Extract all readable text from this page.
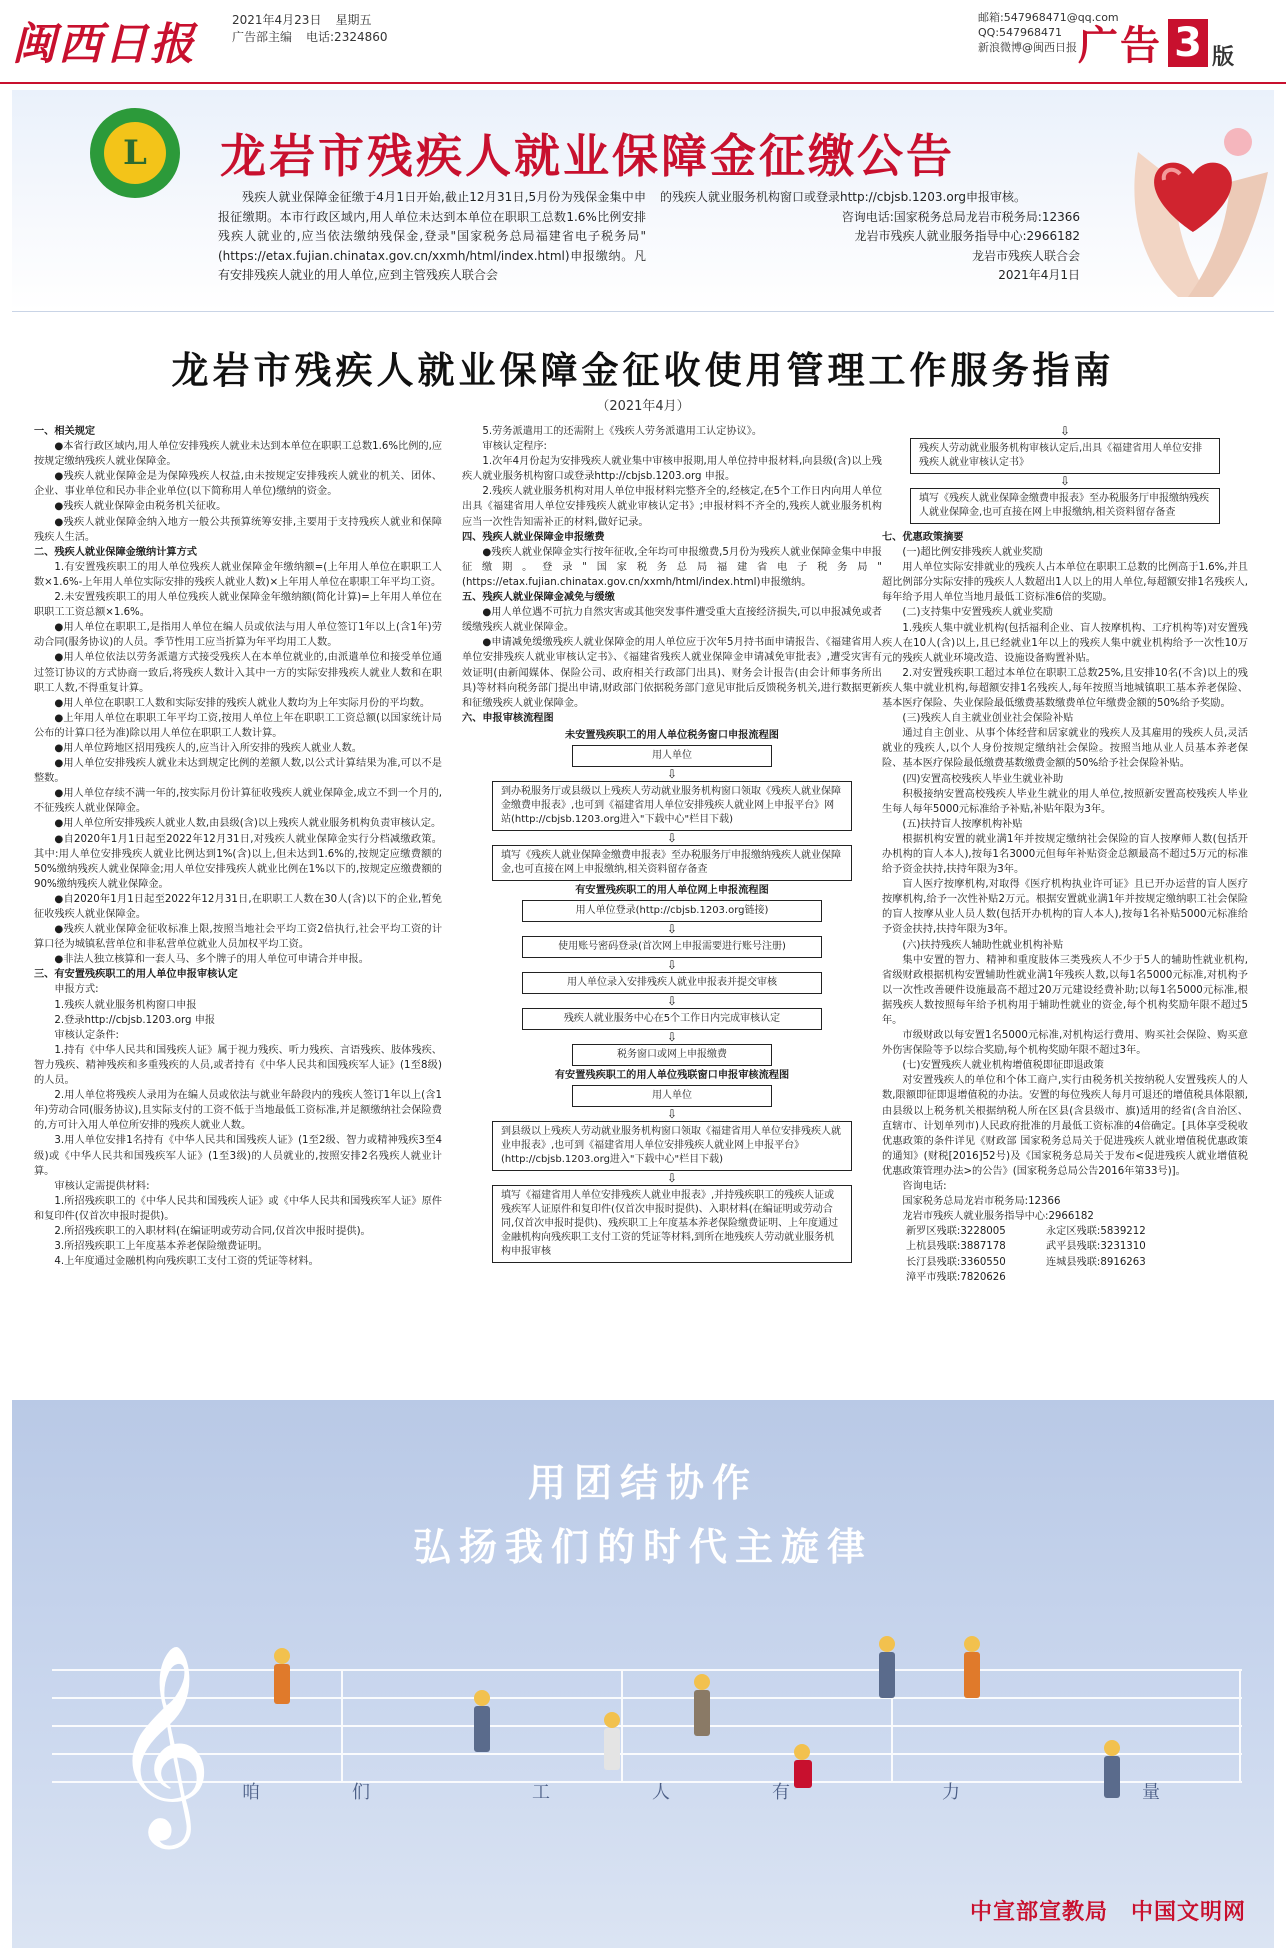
闽西日报	2021年4月23日 星期五
广告部主编 电话:2324860
邮箱:547968471@qq.com
QQ:547968471
新浪微博@闽西日报 广告 3 版
L	龙岩市残疾人就业保障金征缴公告
残疾人就业保障金征缴于4月1日开始,截止12月31日,5月份为残保金集中申报征缴期。本市行政区域内,用人单位未达到本单位在职职工总数1.6%比例安排残疾人就业的,应当依法缴纳残保金,登录"国家税务总局福建省电子税务局"(https://etax.fujian.chinatax.gov.cn/xxmh/html/index.html)申报缴纳。凡有安排残疾人就业的用人单位,应到主管残疾人联合会
的残疾人就业服务机构窗口或登录http://cbjsb.1203.org申报审核。
咨询电话:国家税务总局龙岩市税务局:12366
龙岩市残疾人就业服务指导中心:2966182
龙岩市残疾人联合会
2021年4月1日
龙岩市残疾人就业保障金征收使用管理工作服务指南
（2021年4月）

一、相关规定

●本省行政区域内,用人单位安排残疾人就业未达到本单位在职职工总数1.6%比例的,应按规定缴纳残疾人就业保障金。

●残疾人就业保障金是为保障残疾人权益,由未按规定安排残疾人就业的机关、团体、企业、事业单位和民办非企业单位(以下简称用人单位)缴纳的资金。

●残疾人就业保障金由税务机关征收。

●残疾人就业保障金纳入地方一般公共预算统筹安排,主要用于支持残疾人就业和保障残疾人生活。

二、残疾人就业保障金缴纳计算方式

1.有安置残疾职工的用人单位残疾人就业保障金年缴纳额=(上年用人单位在职职工人数×1.6%-上年用人单位实际安排的残疾人就业人数)×上年用人单位在职职工年平均工资。

2.未安置残疾职工的用人单位残疾人就业保障金年缴纳额(简化计算)=上年用人单位在职职工工资总额×1.6%。

●用人单位在职职工,是指用人单位在编人员或依法与用人单位签订1年以上(含1年)劳动合同(服务协议)的人员。季节性用工应当折算为年平均用工人数。

●用人单位依法以劳务派遣方式接受残疾人在本单位就业的,由派遣单位和接受单位通过签订协议的方式协商一致后,将残疾人数计入其中一方的实际安排残疾人就业人数和在职职工人数,不得重复计算。

●用人单位在职职工人数和实际安排的残疾人就业人数均为上年实际月份的平均数。

●上年用人单位在职职工年平均工资,按用人单位上年在职职工工资总额(以国家统计局公布的计算口径为准)除以用人单位在职职工人数计算。

●用人单位跨地区招用残疾人的,应当计入所安排的残疾人就业人数。

●用人单位安排残疾人就业未达到规定比例的差额人数,以公式计算结果为准,可以不是整数。

●用人单位存续不满一年的,按实际月份计算征收残疾人就业保障金,成立不到一个月的,不征残疾人就业保障金。

●用人单位所安排残疾人就业人数,由县级(含)以上残疾人就业服务机构负责审核认定。

●自2020年1月1日起至2022年12月31日,对残疾人就业保障金实行分档减缴政策。其中:用人单位安排残疾人就业比例达到1%(含)以上,但未达到1.6%的,按规定应缴费额的50%缴纳残疾人就业保障金;用人单位安排残疾人就业比例在1%以下的,按规定应缴费额的90%缴纳残疾人就业保障金。

●自2020年1月1日起至2022年12月31日,在职职工人数在30人(含)以下的企业,暂免征收残疾人就业保障金。

●残疾人就业保障金征收标准上限,按照当地社会平均工资2倍执行,社会平均工资的计算口径为城镇私营单位和非私营单位就业人员加权平均工资。

●非法人独立核算和一套人马、多个牌子的用人单位可申请合并申报。

三、有安置残疾职工的用人单位申报审核认定

申报方式:

1.残疾人就业服务机构窗口申报

2.登录http://cbjsb.1203.org 申报

审核认定条件:

1.持有《中华人民共和国残疾人证》属于视力残疾、听力残疾、言语残疾、肢体残疾、智力残疾、精神残疾和多重残疾的人员,或者持有《中华人民共和国残疾军人证》(1至8级)的人员。

2.用人单位将残疾人录用为在编人员或依法与就业年龄段内的残疾人签订1年以上(含1年)劳动合同(服务协议),且实际支付的工资不低于当地最低工资标准,并足额缴纳社会保险费的,方可计入用人单位所安排的残疾人就业人数。

3.用人单位安排1名持有《中华人民共和国残疾人证》(1至2级、智力或精神残疾3至4级)或《中华人民共和国残疾军人证》(1至3级)的人员就业的,按照安排2名残疾人就业计算。

审核认定需提供材料:

1.所招残疾职工的《中华人民共和国残疾人证》或《中华人民共和国残疾军人证》原件和复印件(仅首次申报时提供)。

2.所招残疾职工的入职材料(在编证明或劳动合同,仅首次申报时提供)。

3.所招残疾职工上年度基本养老保险缴费证明。

4.上年度通过金融机构向残疾职工支付工资的凭证等材料。

5.劳务派遣用工的还需附上《残疾人劳务派遣用工认定协议》。

审核认定程序:

1.次年4月份起为安排残疾人就业集中审核申报期,用人单位持申报材料,向县级(含)以上残疾人就业服务机构窗口或登录http://cbjsb.1203.org 申报。

2.残疾人就业服务机构对用人单位申报材料完整齐全的,经核定,在5个工作日内向用人单位出具《福建省用人单位安排残疾人就业审核认定书》;申报材料不齐全的,残疾人就业服务机构应当一次性告知需补正的材料,做好记录。

四、残疾人就业保障金申报缴费

●残疾人就业保障金实行按年征收,全年均可申报缴费,5月份为残疾人就业保障金集中申报征缴期。登录"国家税务总局福建省电子税务局"(https://etax.fujian.chinatax.gov.cn/xxmh/html/index.html)申报缴纳。

五、残疾人就业保障金减免与缓缴

●用人单位遇不可抗力自然灾害或其他突发事件遭受重大直接经济损失,可以申报减免或者缓缴残疾人就业保障金。

●申请减免缓缴残疾人就业保障金的用人单位应于次年5月持书面申请报告、《福建省用人单位安排残疾人就业审核认定书》、《福建省残疾人就业保障金申请减免审批表》,遭受灾害有效证明(由新闻媒体、保险公司、政府相关行政部门出具)、财务会计报告(由会计师事务所出具)等材料向税务部门提出申请,财政部门依据税务部门意见审批后反馈税务机关,进行数据更新和征缴残疾人就业保障金。

六、申报审核流程图

未安置残疾职工的用人单位税务窗口申报流程图
用人单位
⇩
到办税服务厅或县级以上残疾人劳动就业服务机构窗口领取《残疾人就业保障金缴费申报表》,也可到《福建省用人单位安排残疾人就业网上申报平台》网站(http://cbjsb.1203.org进入"下载中心"栏目下载)
⇩
填写《残疾人就业保障金缴费申报表》至办税服务厅申报缴纳残疾人就业保障金,也可直接在网上申报缴纳,相关资料留存备查
有安置残疾职工的用人单位网上申报流程图
用人单位登录(http://cbjsb.1203.org链接)
⇩
使用账号密码登录(首次网上申报需要进行账号注册)
⇩
用人单位录入安排残疾人就业申报表并提交审核
⇩
残疾人就业服务中心在5个工作日内完成审核认定
⇩
税务窗口或网上申报缴费
有安置残疾职工的用人单位残联窗口申报审核流程图
用人单位
⇩
到县级以上残疾人劳动就业服务机构窗口领取《福建省用人单位安排残疾人就业申报表》,也可到《福建省用人单位安排残疾人就业网上申报平台》(http://cbjsb.1203.org进入"下载中心"栏目下载)
⇩
填写《福建省用人单位安排残疾人就业申报表》,并持残疾职工的残疾人证或残疾军人证原件和复印件(仅首次申报时提供)、入职材料(在编证明或劳动合同,仅首次申报时提供)、残疾职工上年度基本养老保险缴费证明、上年度通过金融机构向残疾职工支付工资的凭证等材料,到所在地残疾人劳动就业服务机构申报审核
⇩
残疾人劳动就业服务机构审核认定后,出具《福建省用人单位安排残疾人就业审核认定书》
⇩
填写《残疾人就业保障金缴费申报表》至办税服务厅申报缴纳残疾人就业保障金,也可直接在网上申报缴纳,相关资料留存备查

七、优惠政策摘要

(一)超比例安排残疾人就业奖励

用人单位实际安排就业的残疾人占本单位在职职工总数的比例高于1.6%,并且超比例部分实际安排的残疾人人数超出1人以上的用人单位,每超额安排1名残疾人,每年给予用人单位当地月最低工资标准6倍的奖励。

(二)支持集中安置残疾人就业奖励

1.残疾人集中就业机构(包括福利企业、盲人按摩机构、工疗机构等)对安置残疾人在10人(含)以上,且已经就业1年以上的残疾人集中就业机构给予一次性10万元的残疾人就业环境改造、设施设备购置补贴。

2.对安置残疾职工超过本单位在职职工总数25%,且安排10名(不含)以上的残疾人集中就业机构,每超额安排1名残疾人,每年按照当地城镇职工基本养老保险、基本医疗保险、失业保险最低缴费基数缴费单位年缴费金额的50%给予奖励。

(三)残疾人自主就业创业社会保险补贴

通过自主创业、从事个体经营和居家就业的残疾人及其雇用的残疾人员,灵活就业的残疾人,以个人身份按规定缴纳社会保险。按照当地从业人员基本养老保险、基本医疗保险最低缴费基数缴费金额的50%给予社会保险补贴。

(四)安置高校残疾人毕业生就业补助

积极接纳安置高校残疾人毕业生就业的用人单位,按照新安置高校残疾人毕业生每人每年5000元标准给予补贴,补贴年限为3年。

(五)扶持盲人按摩机构补贴

根据机构安置的就业满1年并按规定缴纳社会保险的盲人按摩师人数(包括开办机构的盲人本人),按每1名3000元但每年补贴资金总额最高不超过5万元的标准给予资金扶持,扶持年限为3年。

盲人医疗按摩机构,对取得《医疗机构执业许可证》且已开办运营的盲人医疗按摩机构,给予一次性补贴2万元。根据安置就业满1年并按规定缴纳职工社会保险的盲人按摩从业人员人数(包括开办机构的盲人本人),按每1名补贴5000元标准给予资金扶持,扶持年限为3年。

(六)扶持残疾人辅助性就业机构补贴

集中安置的智力、精神和重度肢体三类残疾人不少于5人的辅助性就业机构,省级财政根据机构安置辅助性就业满1年残疾人数,以每1名5000元标准,对机构予以一次性改善硬件设施最高不超过20万元建设经费补助;以每1名5000元标准,根据残疾人数按照每年给予机构用于辅助性就业的资金,每个机构奖励年限不超过5年。

市级财政以每安置1名5000元标准,对机构运行费用、购买社会保险、购买意外伤害保险等予以综合奖励,每个机构奖励年限不超过3年。

(七)安置残疾人就业机构增值税即征即退政策

对安置残疾人的单位和个体工商户,实行由税务机关按纳税人安置残疾人的人数,限额即征即退增值税的办法。安置的每位残疾人每月可退还的增值税具体限额,由县级以上税务机关根据纳税人所在区县(含县级市、旗)适用的经省(含自治区、直辖市、计划单列市)人民政府批准的月最低工资标准的4倍确定。[具体享受税收优惠政策的条件详见《财政部 国家税务总局关于促进残疾人就业增值税优惠政策的通知》(财税[2016]52号)及《国家税务总局关于发布<促进残疾人就业增值税优惠政策管理办法>的公告》(国家税务总局公告2016年第33号)]。

咨询电话:

国家税务总局龙岩市税务局:12366

龙岩市残疾人就业服务指导中心:2966182

新罗区残联:3228005	永定区残联:5839212
上杭县残联:3887178	武平县残联:3231310
长汀县残联:3360550	连城县残联:8916263
漳平市残联:7820626
用团结协作
弘扬我们的时代主旋律
𝄞 咱	们	工	人	有	力	量
中宣部宣教局　中国文明网
